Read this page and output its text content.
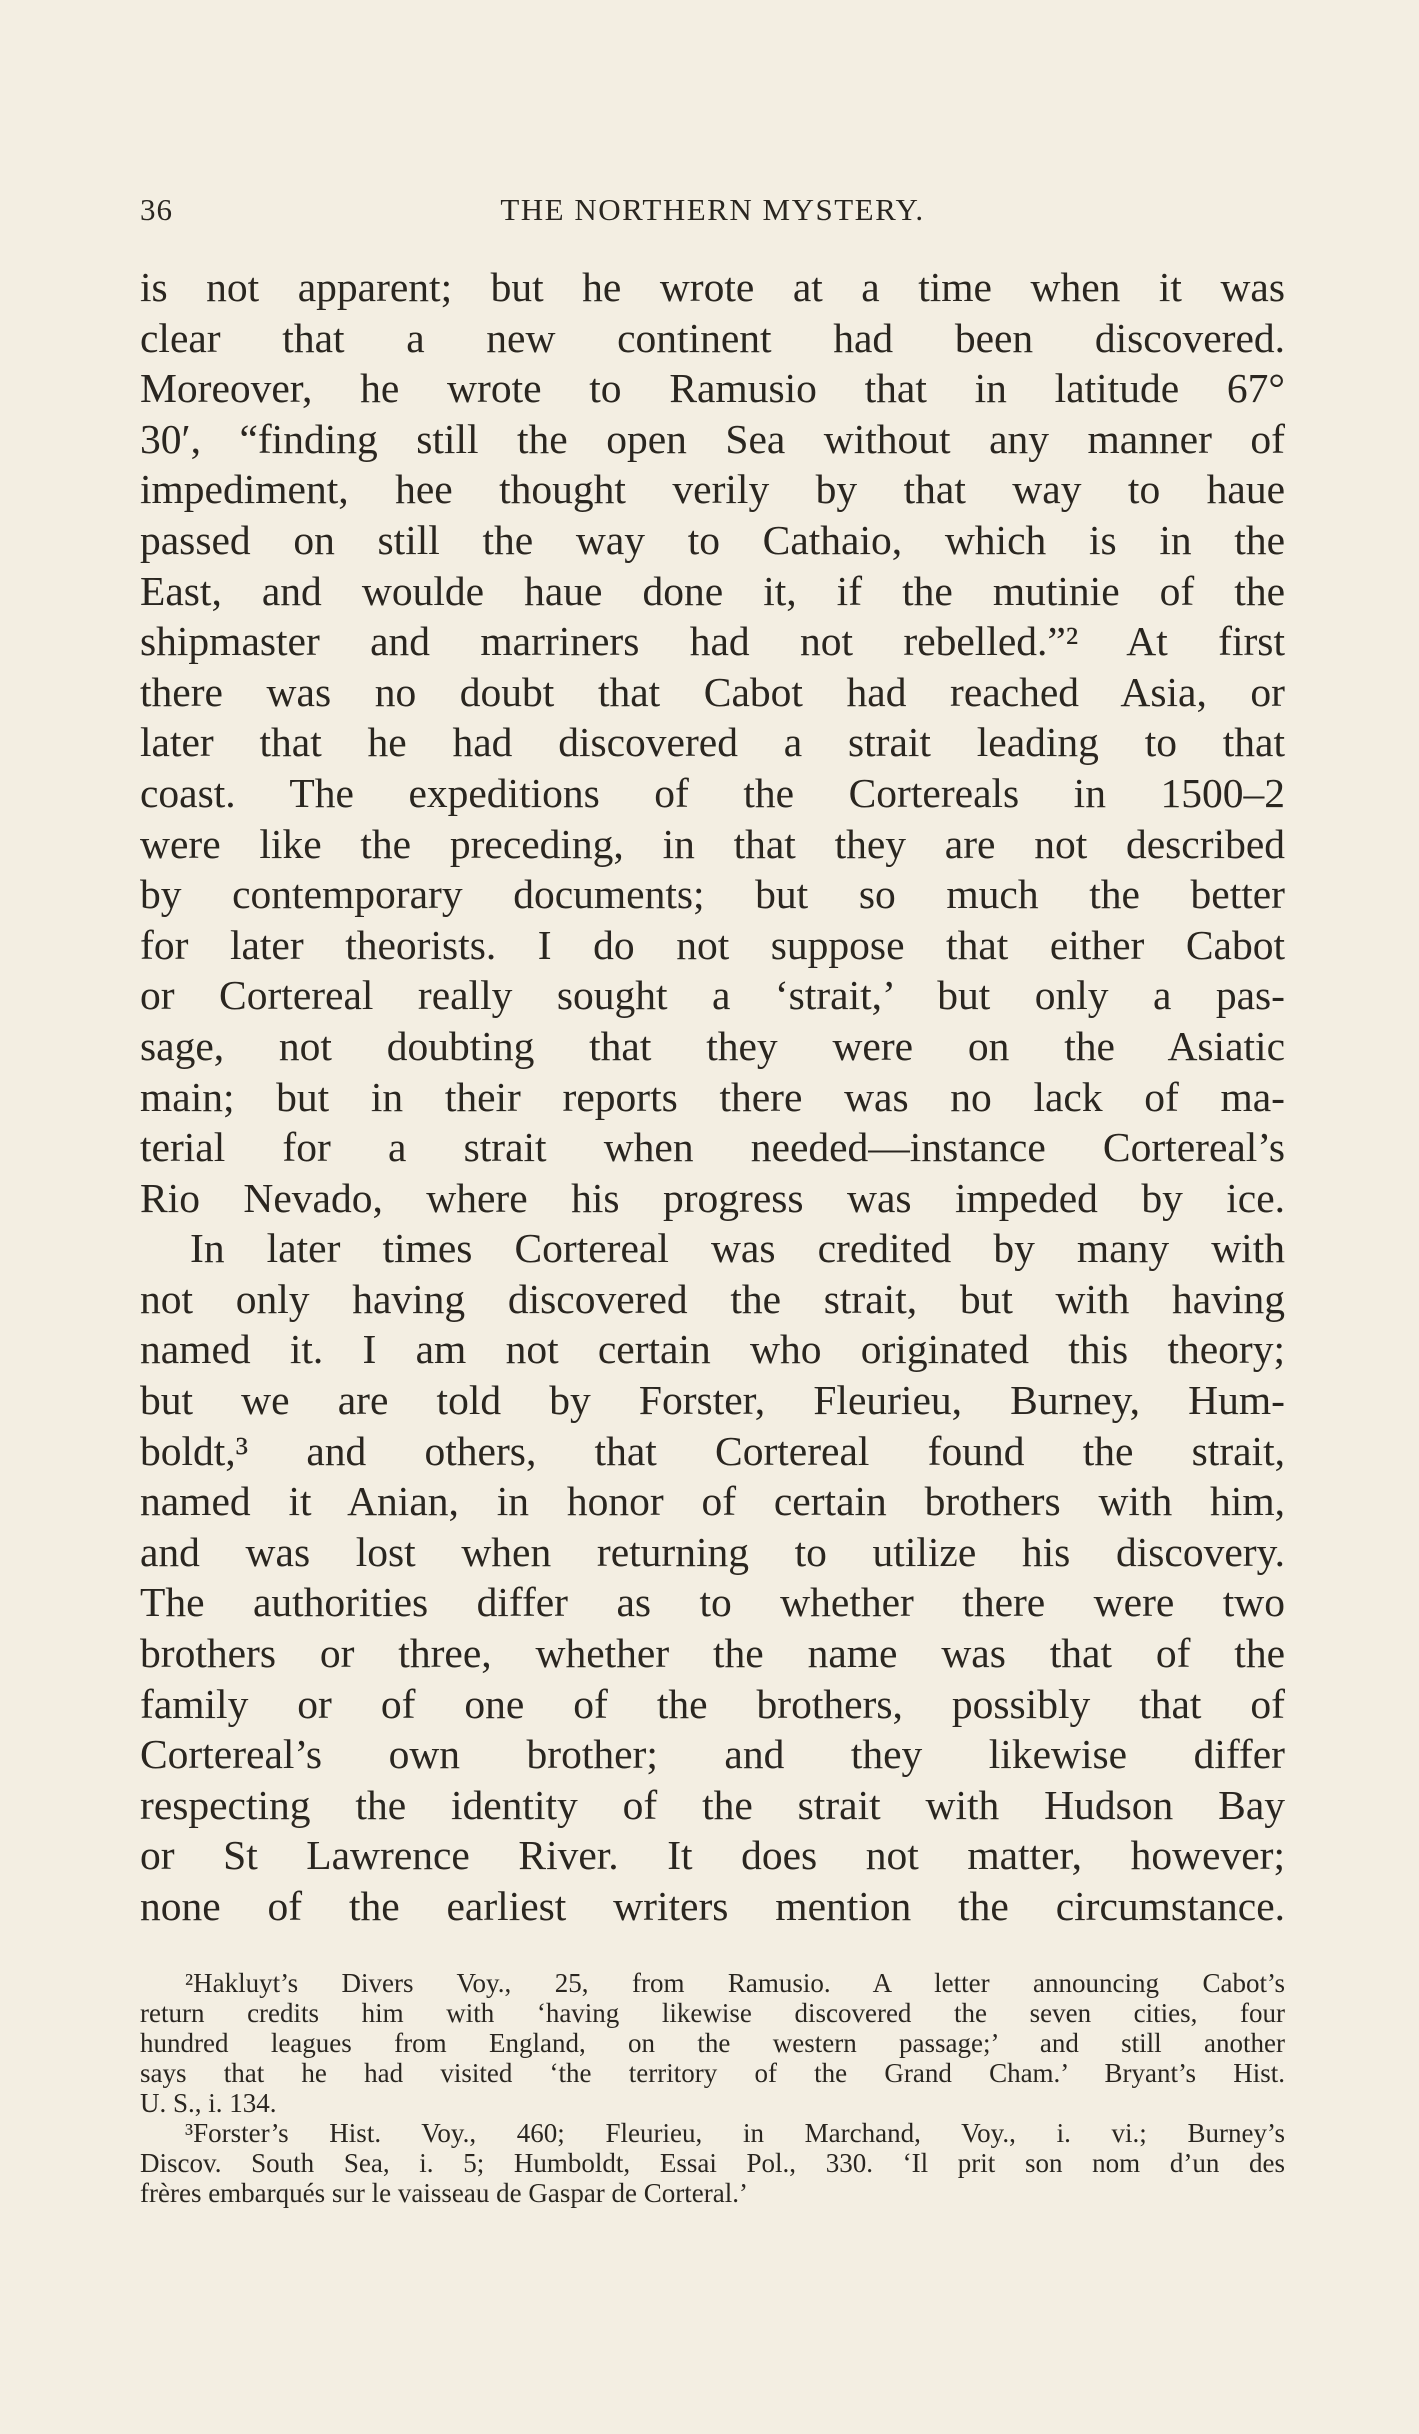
36	THE NORTHERN MYSTERY.
is not apparent; but he wrote at a time when it was
clear that a new continent had been discovered.
Moreover, he wrote to Ramusio that in latitude 67°
30′, “finding still the open Sea without any manner of
impediment, hee thought verily by that way to haue
passed on still the way to Cathaio, which is in the
East, and woulde haue done it, if the mutinie of the
shipmaster and marriners had not rebelled.”² At first
there was no doubt that Cabot had reached Asia, or
later that he had discovered a strait leading to that
coast. The expeditions of the Cortereals in 1500–2
were like the preceding, in that they are not described
by contemporary documents; but so much the better
for later theorists. I do not suppose that either Cabot
or Cortereal really sought a ‘strait,’ but only a pas-
sage, not doubting that they were on the Asiatic
main; but in their reports there was no lack of ma-
terial for a strait when needed—instance Cortereal’s
Rio Nevado, where his progress was impeded by ice.
In later times Cortereal was credited by many with
not only having discovered the strait, but with having
named it. I am not certain who originated this theory;
but we are told by Forster, Fleurieu, Burney, Hum-
boldt,³ and others, that Cortereal found the strait,
named it Anian, in honor of certain brothers with him,
and was lost when returning to utilize his discovery.
The authorities differ as to whether there were two
brothers or three, whether the name was that of the
family or of one of the brothers, possibly that of
Cortereal’s own brother; and they likewise differ
respecting the identity of the strait with Hudson Bay
or St Lawrence River. It does not matter, however;
none of the earliest writers mention the circumstance.
²Hakluyt’s Divers Voy., 25, from Ramusio. A letter announcing Cabot’s
return credits him with ‘having likewise discovered the seven cities, four
hundred leagues from England, on the western passage;’ and still another
says that he had visited ‘the territory of the Grand Cham.’ Bryant’s Hist.
U. S., i. 134.
³Forster’s Hist. Voy., 460; Fleurieu, in Marchand, Voy., i. vi.; Burney’s
Discov. South Sea, i. 5; Humboldt, Essai Pol., 330. ‘Il prit son nom d’un des
frères embarqués sur le vaisseau de Gaspar de Corteral.’
